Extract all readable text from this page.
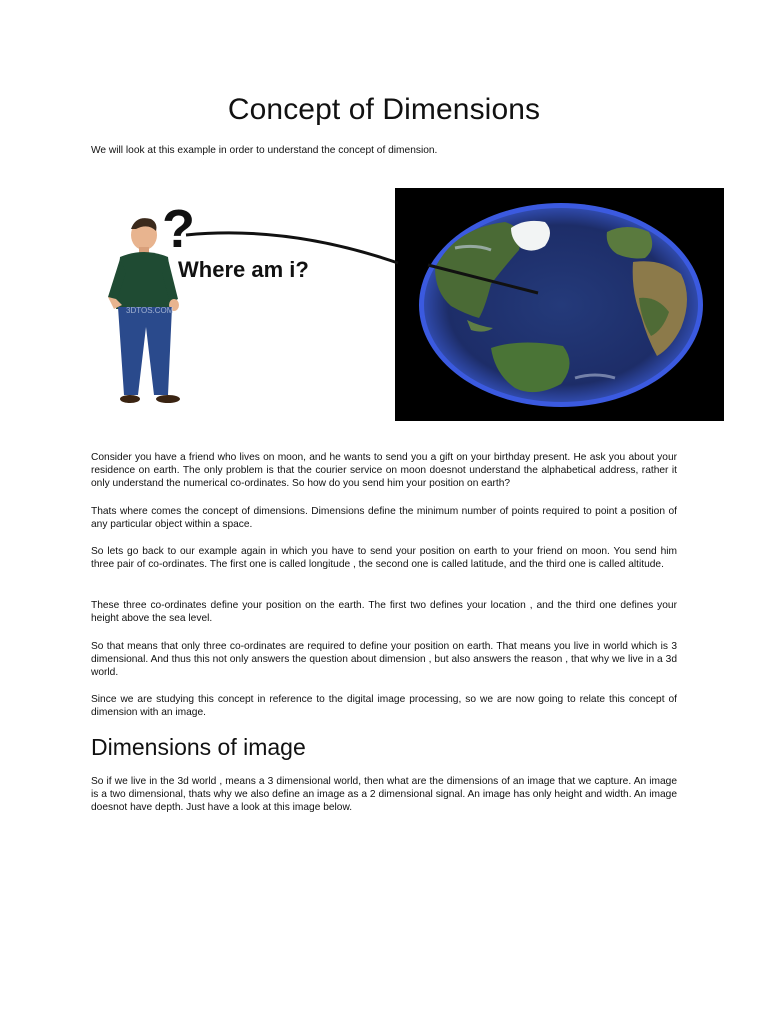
Concept of Dimensions

We will look at this example in order to understand the concept of dimension.

3DTOS.COM
?
Where am i?

Consider you have a friend who lives on moon, and he wants to send you a gift on your birthday present. He ask you about your residence on earth. The only problem is that the courier service on moon doesnot understand the alphabetical address, rather it only understand the numerical co-ordinates. So how do you send him your position on earth?

Thats where comes the concept of dimensions. Dimensions define the minimum number of points required to point a position of any particular object within a space.

So lets go back to our example again in which you have to send your position on earth to your friend on moon. You send him three pair of co-ordinates. The first one is called longitude , the second one is called latitude, and the third one is called altitude.

These three co-ordinates define your position on the earth. The first two defines your location , and the third one defines your height above the sea level.

So that means that only three co-ordinates are required to define your position on earth. That means you live in world which is 3 dimensional. And thus this not only answers the question about dimension , but also answers the reason , that why we live in a 3d world.

Since we are studying this concept in reference to the digital image processing, so we are now going to relate this concept of dimension with an image.

Dimensions of image

So if we live in the 3d world , means a 3 dimensional world, then what are the dimensions of an image that we capture. An image is a two dimensional, thats why we also define an image as a 2 dimensional signal. An image has only height and width. An image doesnot have depth. Just have a look at this image below.
